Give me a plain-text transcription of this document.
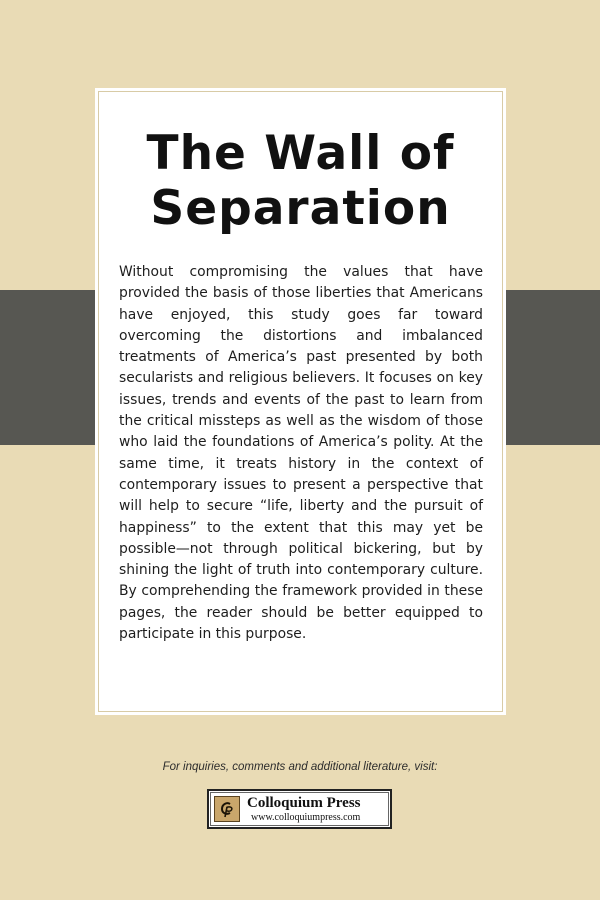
The Wall of Separation

Without compromising the values that have provided the basis of those liberties that Americans have enjoyed, this study goes far toward overcoming the distortions and imbalanced treatments of America’s past presented by both secularists and religious believers. It focuses on key issues, trends and events of the past to learn from the critical missteps as well as the wisdom of those who laid the foundations of America’s polity. At the same time, it treats history in the context of contemporary issues to present a perspective that will help to secure “life, liberty and the pursuit of happiness” to the extent that this may yet be possible—not through political bickering, but by shining the light of truth into contemporary culture. By comprehending the framework provided in these pages, the reader should be better equipped to participate in this purpose.

For inquiries, comments and additional literature, visit:
Colloquium Press
www.colloquiumpress.com
